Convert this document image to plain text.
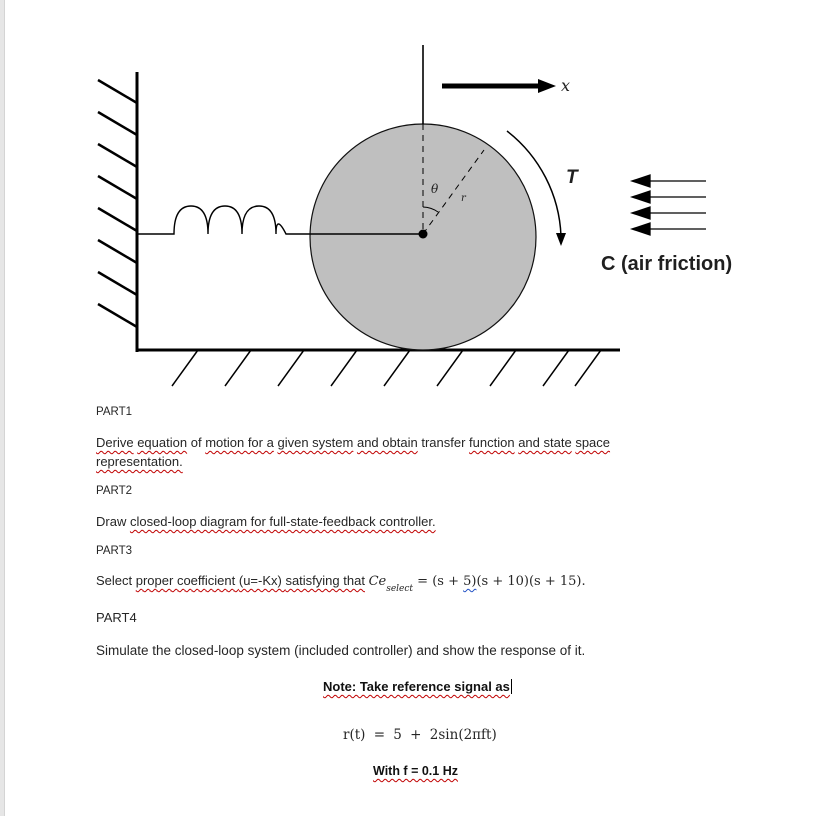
x
θ
r
T
C (air friction)
PART1
Derive equation of motion for a given system and obtain transfer function and state space
representation.
PART2
Draw closed-loop diagram for full-state-feedback controller.
PART3
Select proper coefficient (u=-Kx) satisfying that $Ce_{select} = (s + 5)(s + 10)(s + 15)$.
PART4
Simulate the closed-loop system (included controller) and show the response of it.
Note: Take reference signal as
r(t) = 5 + 2sin(2πft)
With f = 0.1 Hz
